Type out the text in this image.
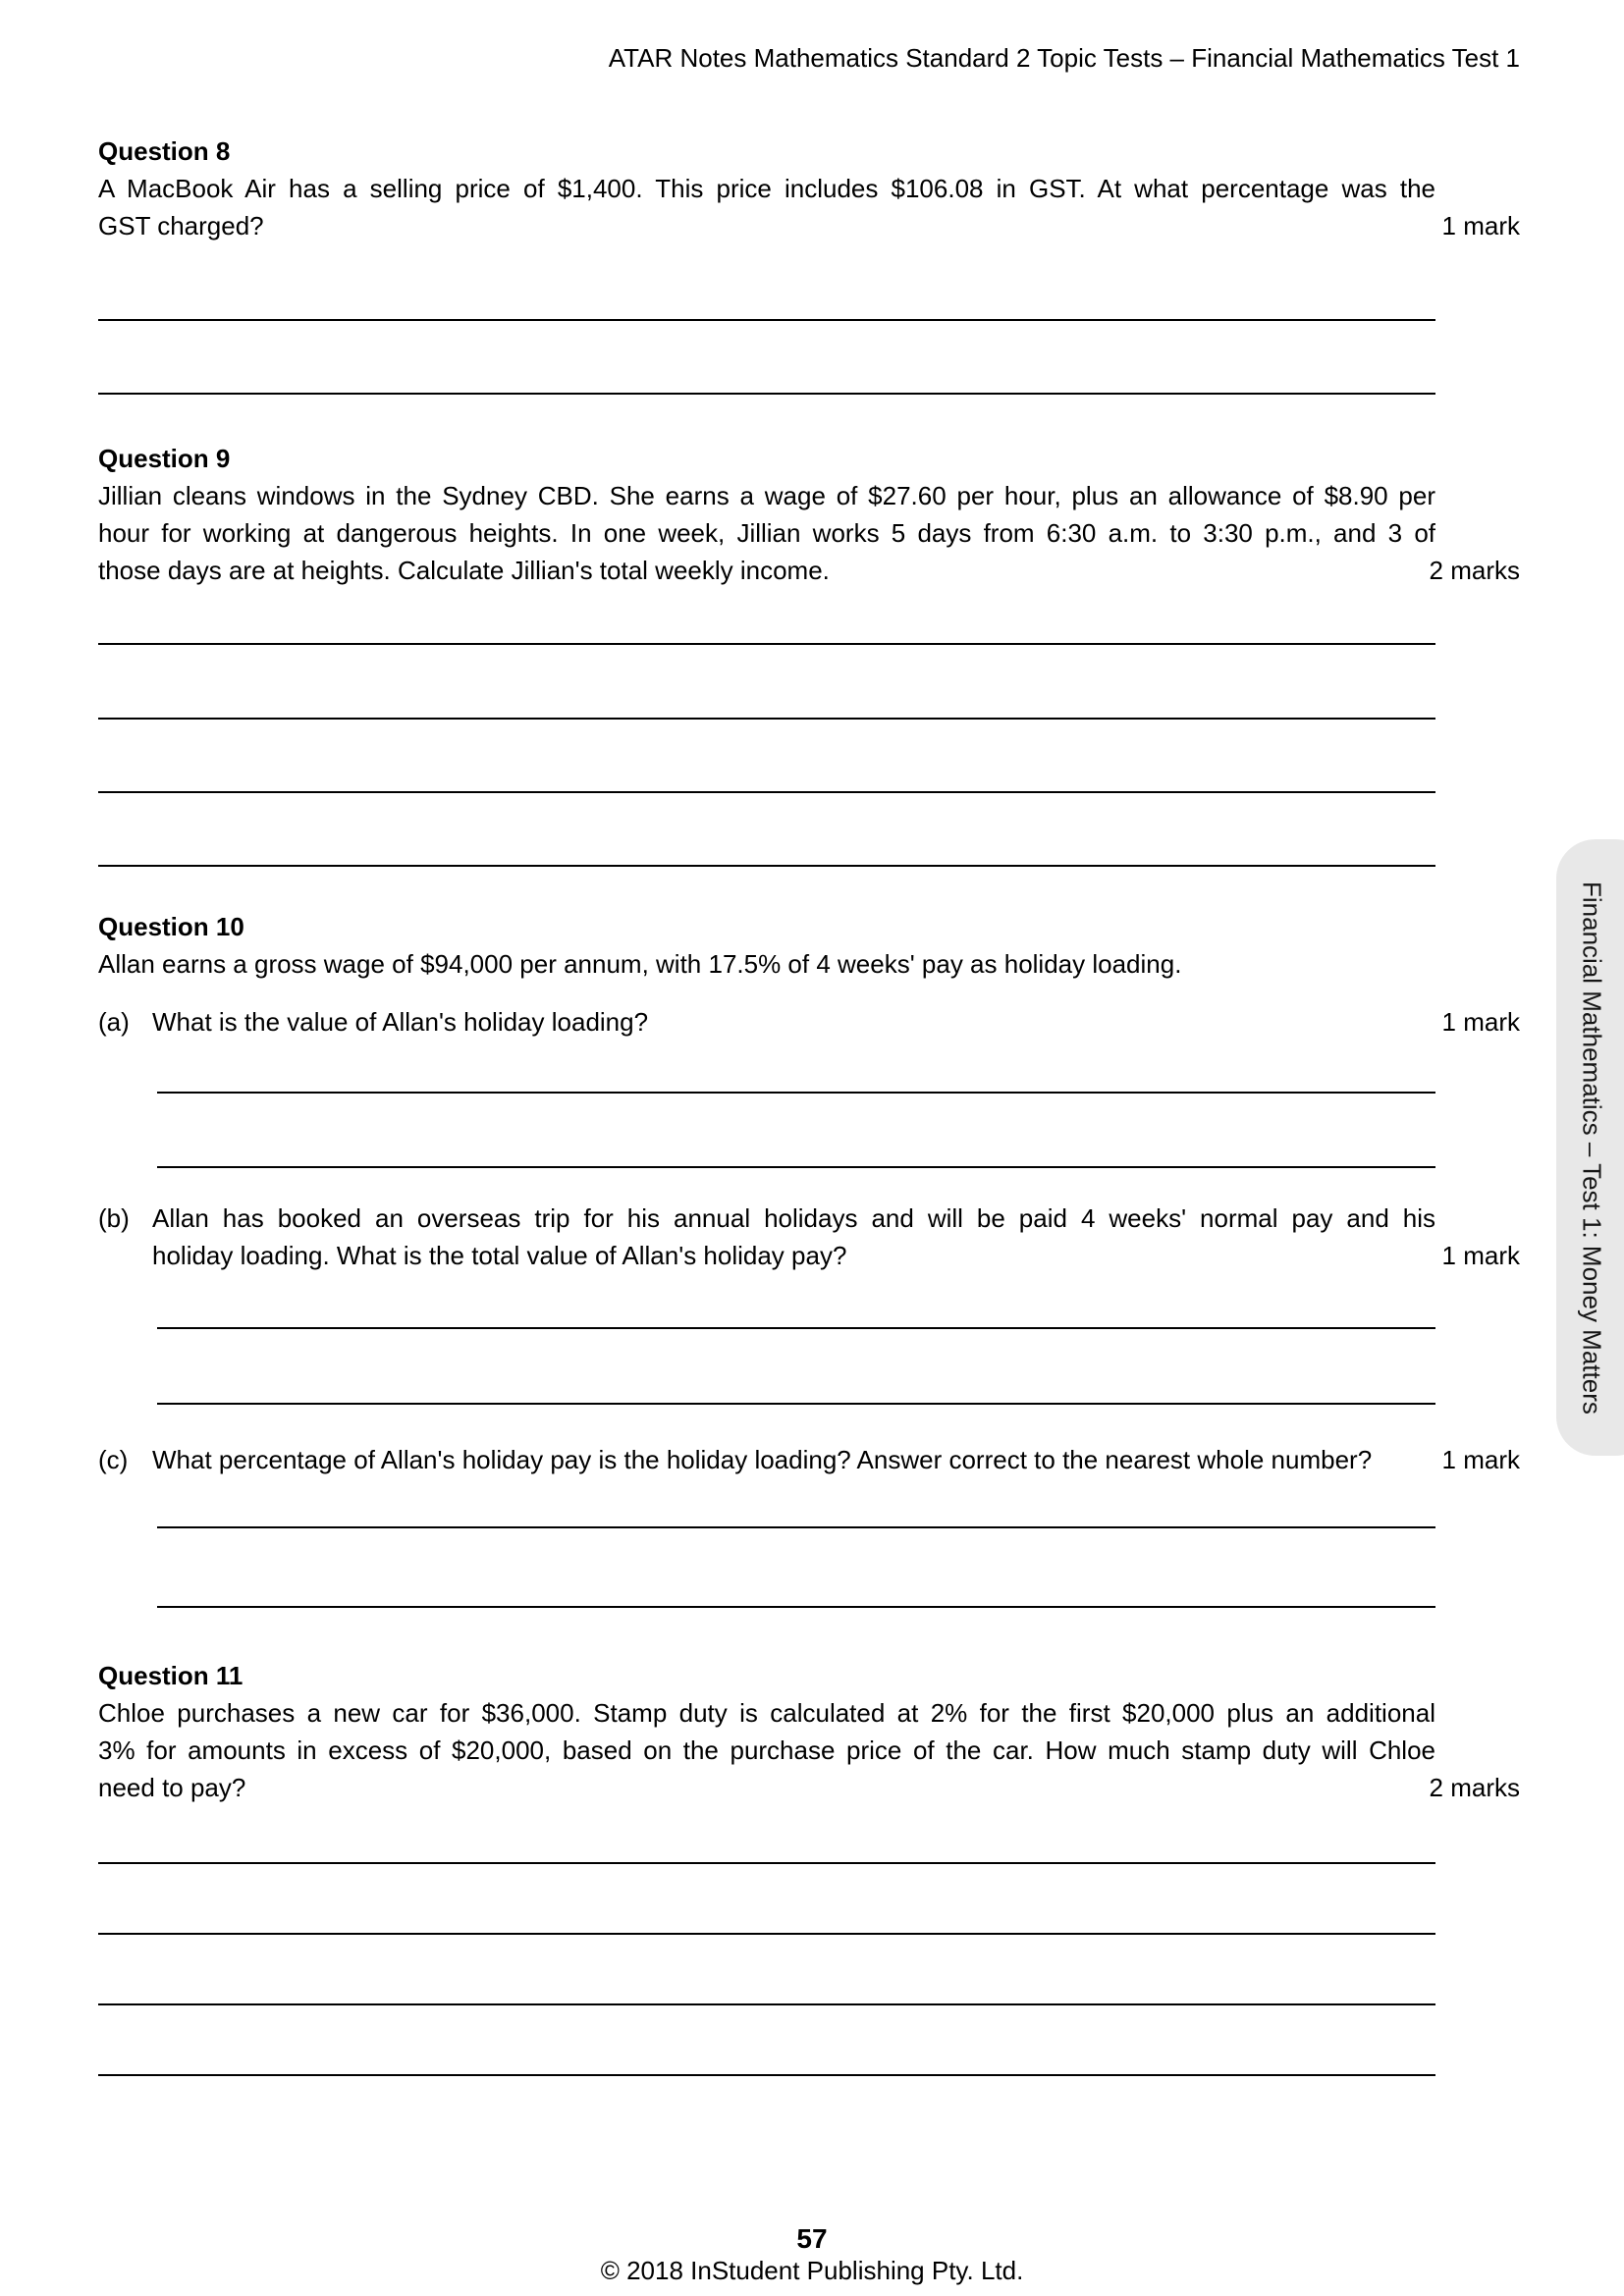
ATAR Notes Mathematics Standard 2 Topic Tests – Financial Mathematics Test 1
Question 8
A MacBook Air has a selling price of $1,400. This price includes $106.08 in GST. At what percentage was the
GST charged?	1 mark
Question 9
Jillian cleans windows in the Sydney CBD. She earns a wage of $27.60 per hour, plus an allowance of $8.90 per
hour for working at dangerous heights. In one week, Jillian works 5 days from 6:30 a.m. to 3:30 p.m., and 3 of
those days are at heights. Calculate Jillian's total weekly income.	2 marks
Question 10
Allan earns a gross wage of $94,000 per annum, with 17.5% of 4 weeks' pay as holiday loading.
(a) What is the value of Allan's holiday loading?	1 mark
(b) Allan has booked an overseas trip for his annual holidays and will be paid 4 weeks' normal pay and his
holiday loading. What is the total value of Allan's holiday pay?	1 mark
(c) What percentage of Allan's holiday pay is the holiday loading? Answer correct to the nearest whole number?	1 mark
Question 11
Chloe purchases a new car for $36,000. Stamp duty is calculated at 2% for the first $20,000 plus an additional
3% for amounts in excess of $20,000, based on the purchase price of the car. How much stamp duty will Chloe
need to pay?	2 marks
Financial Mathematics – Test 1: Money Matters
57
© 2018 InStudent Publishing Pty. Ltd.
